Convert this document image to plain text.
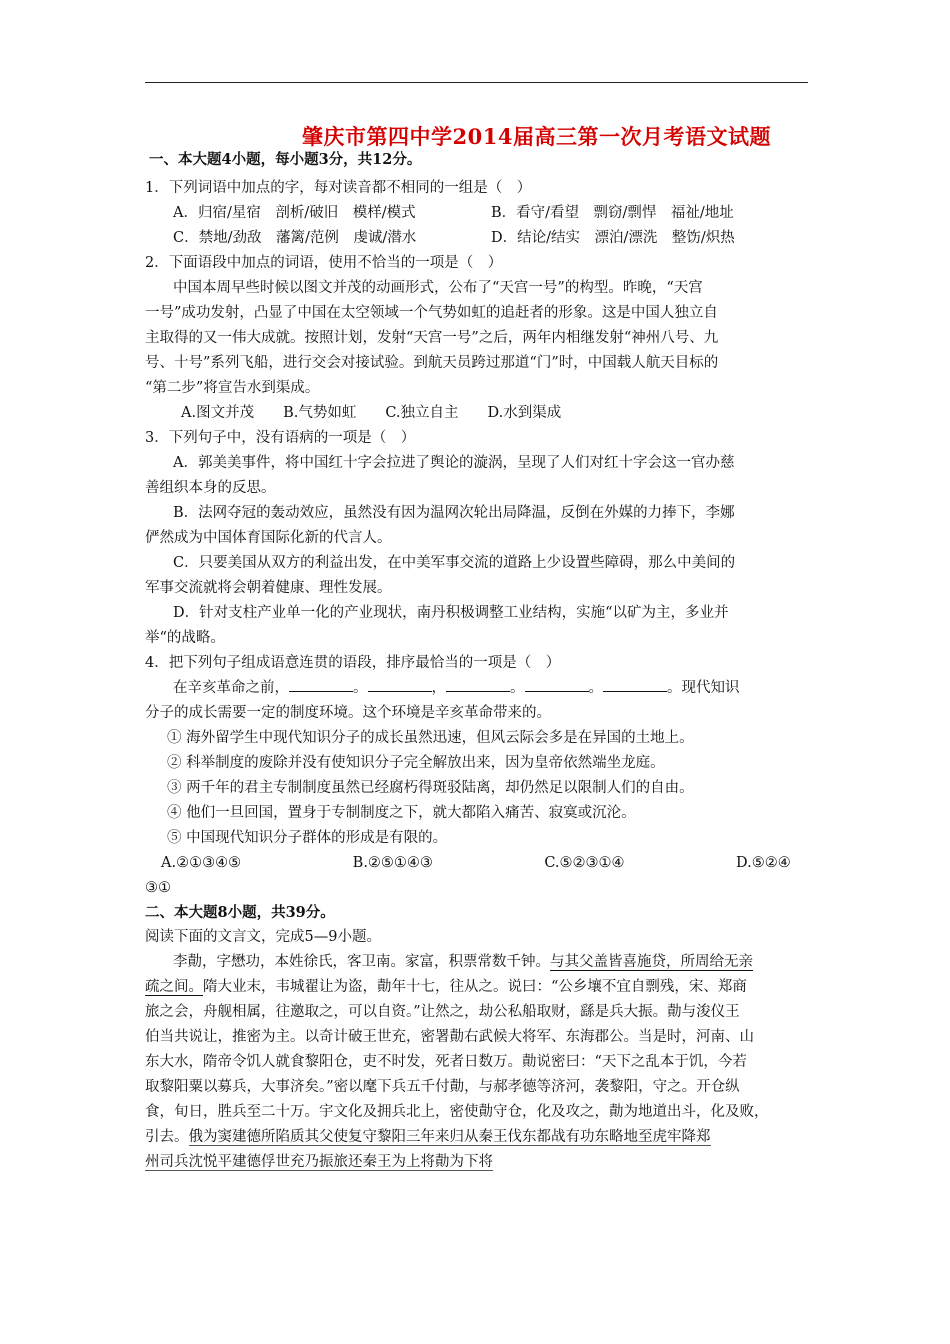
肇庆市第四中学2014届高三第一次月考语文试题
一、本大题4小题，每小题3分，共12分。
1．下列词语中加点的字，每对读音都不相同的一组是（　）
A．归宿/星宿　剖析/破旧　模样/模式	B．看守/看望　剽窃/剽悍　福祉/地址
C．禁地/劲敌　藩篱/范例　虔诚/潜水	D．结论/结实　漂泊/漂洗　整饬/炽热
2．下面语段中加点的词语，使用不恰当的一项是（　）
中国本周早些时候以图文并茂的动画形式，公布了“天宫一号”的构型。昨晚，“天宫
一号”成功发射，凸显了中国在太空领域一个气势如虹的追赶者的形象。这是中国人独立自
主取得的又一伟大成就。按照计划，发射“天宫一号”之后，两年内相继发射“神州八号、九
号、十号”系列飞船，进行交会对接试验。到航天员跨过那道“门”时，中国载人航天目标的
“第二步”将宣告水到渠成。
A.图文并茂　　B.气势如虹　　C.独立自主　　D.水到渠成
3．下列句子中，没有语病的一项是（　）
A．郭美美事件，将中国红十字会拉进了舆论的漩涡，呈现了人们对红十字会这一官办慈
善组织本身的反思。
B．法网夺冠的轰动效应，虽然没有因为温网次轮出局降温，反倒在外媒的力捧下，李娜
俨然成为中国体育国际化新的代言人。
C．只要美国从双方的利益出发，在中美军事交流的道路上少设置些障碍，那么中美间的
军事交流就将会朝着健康、理性发展。
D．针对支柱产业单一化的产业现状，南丹积极调整工业结构，实施“以矿为主，多业并
举“的战略。
4．把下列句子组成语意连贯的语段，排序最恰当的一项是（　）
在辛亥革命之前，	。	，	。	。	。现代知识
分子的成长需要一定的制度环境。这个环境是辛亥革命带来的。
① 海外留学生中现代知识分子的成长虽然迅速，但风云际会多是在异国的土地上。
② 科举制度的废除并没有使知识分子完全解放出来，因为皇帝依然端坐龙庭。
③ 两千年的君主专制制度虽然已经腐朽得斑驳陆离，却仍然足以限制人们的自由。
④ 他们一旦回国，置身于专制制度之下，就大都陷入痛苦、寂寞或沉沦。
⑤ 中国现代知识分子群体的形成是有限的。
A.②①③④⑤	B.②⑤①④③	C.⑤②③①④	D.⑤②④
③①
二、本大题8小题，共39分。
阅读下面的文言文，完成5—9小题。
李勣，字懋功，本姓徐氏，客卫南。家富，积票常数千钟。与其父盖皆喜施贷，所周给无亲
疏之间。隋大业末，韦城翟让为盗，勣年十七，往从之。说曰：“公乡壤不宜自剽残，宋、郑商
旅之会，舟舰相属，往邀取之，可以自资。”让然之，劫公私船取财，繇是兵大振。勣与浚仪王
伯当共说让，推密为主。以奇计破王世充，密署勣右武候大将军、东海郡公。当是时，河南、山
东大水，隋帝令饥人就食黎阳仓，吏不时发，死者日数万。勣说密曰：“天下之乱本于饥，今若
取黎阳粟以募兵，大事济矣。”密以麾下兵五千付勣，与郝孝德等济河，袭黎阳，守之。开仓纵
食，旬日，胜兵至二十万。宇文化及拥兵北上，密使勣守仓，化及攻之，勣为地道出斗，化及败，
引去。俄为窦建德所陷质其父使复守黎阳三年来归从秦王伐东都战有功东略地至虎牢降郑
州司兵沈悦平建德俘世充乃振旅还秦王为上将勣为下将
